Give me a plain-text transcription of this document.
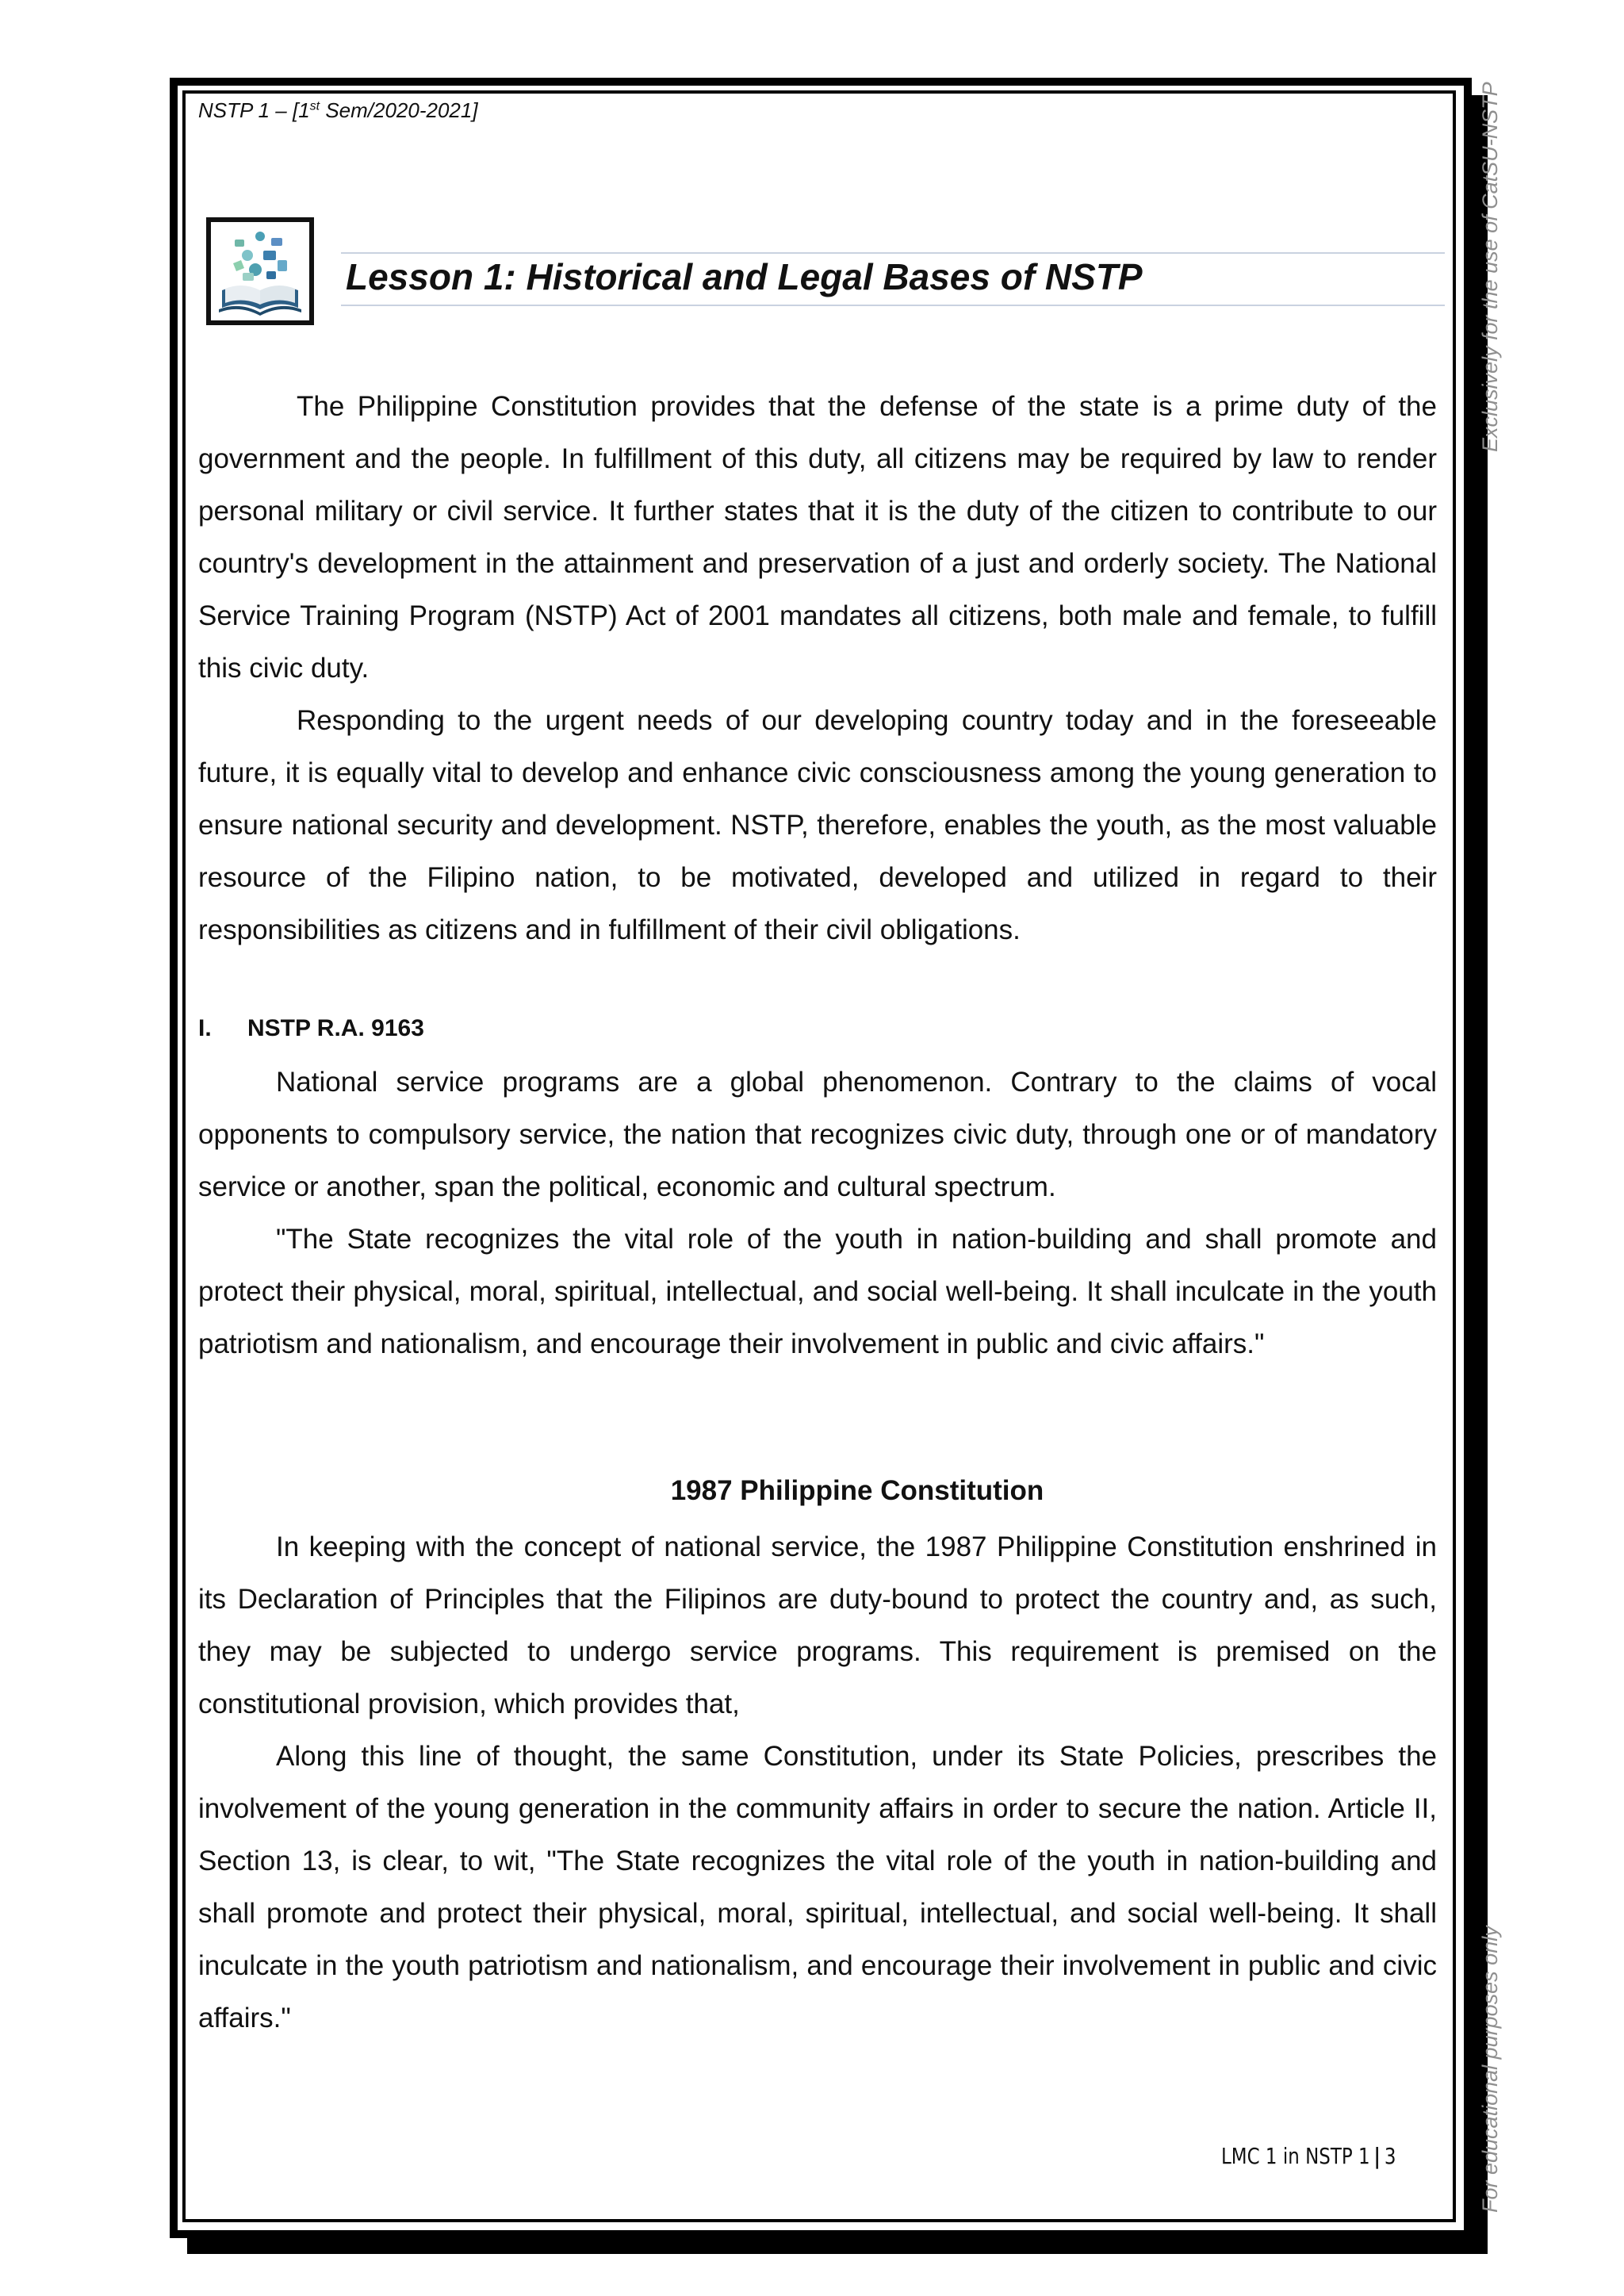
NSTP 1 – [1st Sem/2020-2021]
Lesson 1: Historical and Legal Bases of NSTP

The Philippine Constitution provides that the defense of the state is a prime duty of the government and the people. In fulfillment of this duty, all citizens may be required by law to render personal military or civil service. It further states that it is the duty of the citizen to contribute to our country's development in the attainment and preservation of a just and orderly society. The National Service Training Program (NSTP) Act of 2001 mandates all citizens, both male and female, to fulfill this civic duty.

Responding to the urgent needs of our developing country today and in the foreseeable future, it is equally vital to develop and enhance civic consciousness among the young generation to ensure national security and development. NSTP, therefore, enables the youth, as the most valuable resource of the Filipino nation, to be motivated, developed and utilized in regard to their responsibilities as citizens and in fulfillment of their civil obligations.

I. NSTP R.A. 9163

National service programs are a global phenomenon. Contrary to the claims of vocal opponents to compulsory service, the nation that recognizes civic duty, through one or of mandatory service or another, span the political, economic and cultural spectrum.

"The State recognizes the vital role of the youth in nation-building and shall promote and protect their physical, moral, spiritual, intellectual, and social well-being. It shall inculcate in the youth patriotism and nationalism, and encourage their involvement in public and civic affairs."

1987 Philippine Constitution

In keeping with the concept of national service, the 1987 Philippine Constitution enshrined in its Declaration of Principles that the Filipinos are duty-bound to protect the country and, as such, they may be subjected to undergo service programs. This requirement is premised on the constitutional provision, which provides that,

Along this line of thought, the same Constitution, under its State Policies, prescribes the involvement of the young generation in the community affairs in order to secure the nation. Article II, Section 13, is clear, to wit, "The State recognizes the vital role of the youth in nation-building and shall promote and protect their physical, moral, spiritual, intellectual, and social well-being. It shall inculcate in the youth patriotism and nationalism, and encourage their involvement in public and civic affairs."

LMC 1 in NSTP 1 | 3
Exclusively for the use of CatSU-NSTP
For educational purposes only
